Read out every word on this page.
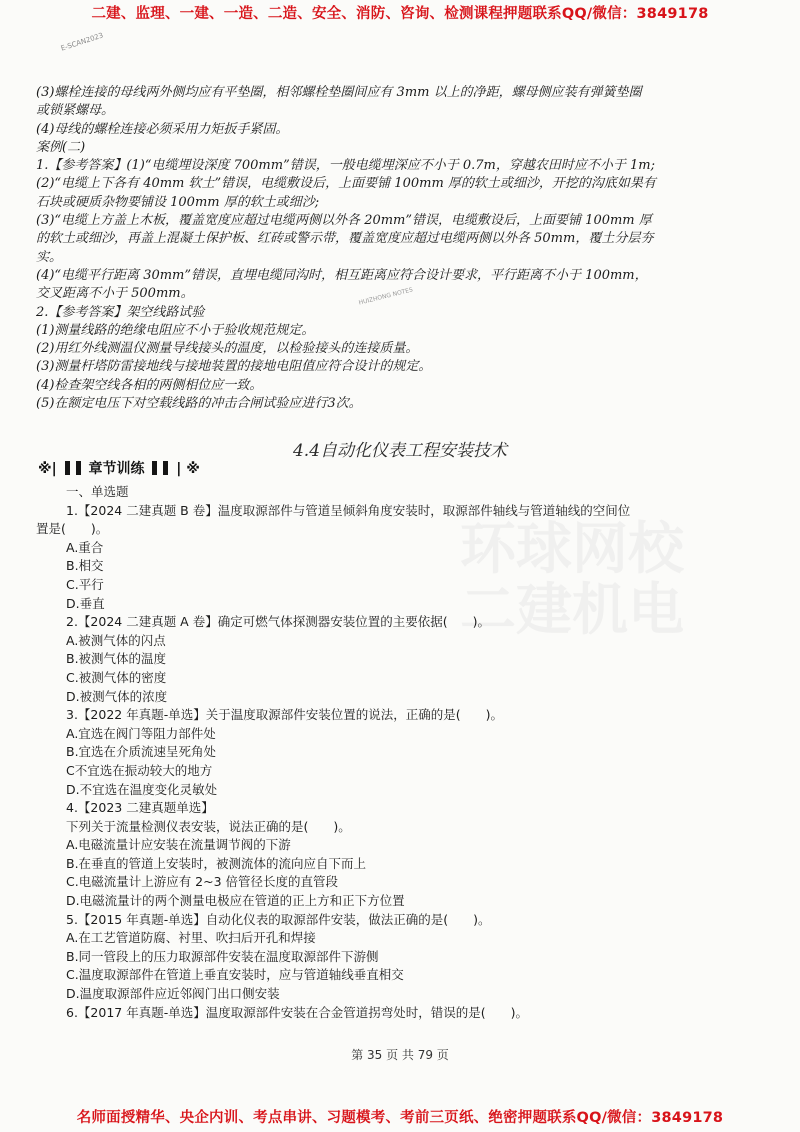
二建、监理、一建、一造、二造、安全、消防、咨询、检测课程押题联系QQ/微信：3849178
E-SCAN2023
HUIZHONG NOTES
环球网校
二建机电

(3)螺栓连接的母线两外侧均应有平垫圈，相邻螺栓垫圈间应有 3mm 以上的净距，螺母侧应装有弹簧垫圈

或锁紧螺母。

(4)母线的螺栓连接必须采用力矩扳手紧固。

案例(二)

1.【参考答案】(1)“电缆埋设深度 700mm”错误，一般电缆埋深应不小于 0.7m，穿越农田时应不小于 1m;

(2)“电缆上下各有 40mm 软土”错误，电缆敷设后，上面要铺 100mm 厚的软土或细沙，开挖的沟底如果有

石块或硬质杂物要铺设 100mm 厚的软土或细沙;

(3)“电缆上方盖上木板，覆盖宽度应超过电缆两侧以外各 20mm”错误，电缆敷设后，上面要铺 100mm 厚

的软土或细沙，再盖上混凝土保护板、红砖或警示带，覆盖宽度应超过电缆两侧以外各 50mm，覆土分层夯

实。

(4)“电缆平行距离 30mm”错误，直埋电缆同沟时，相互距离应符合设计要求，平行距离不小于 100mm，

交叉距离不小于 500mm。

2.【参考答案】架空线路试验

(1)测量线路的绝缘电阻应不小于验收规范规定。

(2)用红外线测温仪测量导线接头的温度，以检验接头的连接质量。

(3)测量杆塔防雷接地线与接地装置的接地电阻值应符合设计的规定。

(4)检查架空线各相的两侧相位应一致。

(5)在额定电压下对空载线路的冲击合闸试验应进行3次。

4.4自动化仪表工程安装技术
※| 章节训练 | ※

一、单选题

1.【2024 二建真题 B 卷】温度取源部件与管道呈倾斜角度安装时，取源部件轴线与管道轴线的空间位

置是(　　)。

A.重合

B.相交

C.平行

D.垂直

2.【2024 二建真题 A 卷】确定可燃气体探测器安装位置的主要依据(　　)。

A.被测气体的闪点

B.被测气体的温度

C.被测气体的密度

D.被测气体的浓度

3.【2022 年真题-单选】关于温度取源部件安装位置的说法，正确的是(　　)。

A.宜选在阀门等阻力部件处

B.宜选在介质流速呈死角处

C不宜选在振动较大的地方

D.不宜选在温度变化灵敏处

4.【2023 二建真题单选】

下列关于流量检测仪表安装，说法正确的是(　　)。

A.电磁流量计应安装在流量调节阀的下游

B.在垂直的管道上安装时，被测流体的流向应自下而上

C.电磁流量计上游应有 2~3 倍管径长度的直管段

D.电磁流量计的两个测量电极应在管道的正上方和正下方位置

5.【2015 年真题-单选】自动化仪表的取源部件安装，做法正确的是(　　)。

A.在工艺管道防腐、衬里、吹扫后开孔和焊接

B.同一管段上的压力取源部件安装在温度取源部件下游侧

C.温度取源部件在管道上垂直安装时，应与管道轴线垂直相交

D.温度取源部件应近邻阀门出口侧安装

6.【2017 年真题-单选】温度取源部件安装在合金管道拐弯处时，错误的是(　　)。

第 35 页 共 79 页
名师面授精华、央企内训、考点串讲、习题模考、考前三页纸、绝密押题联系QQ/微信：3849178
